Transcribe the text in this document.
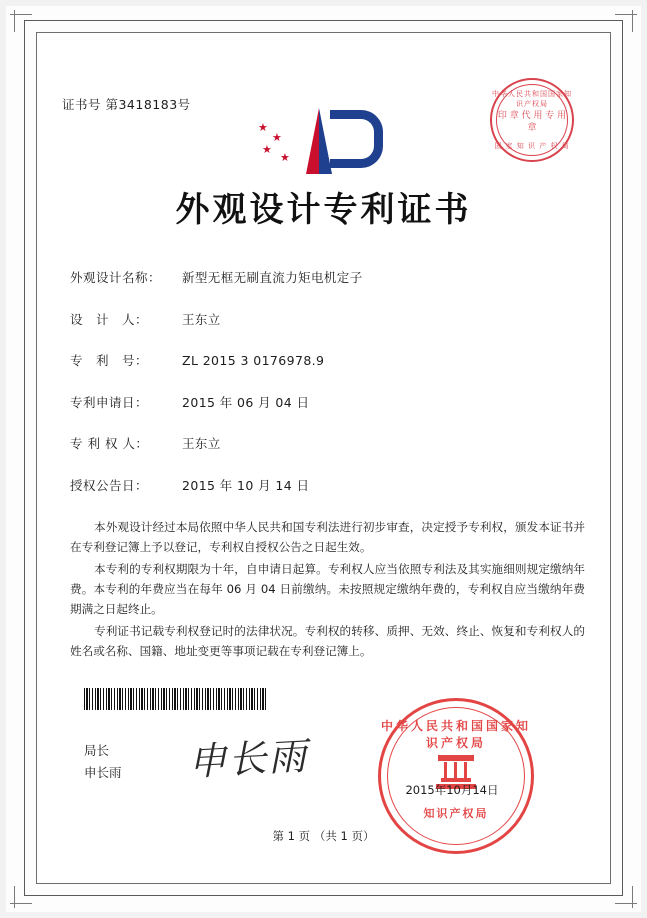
证书号 第3418183号
★
★
★
★
中华人民共和国国家知识产权局
印 章 代 用 专 用 章
国 家 知 识 产 权 局
外观设计专利证书
外观设计名称：	新型无框无刷直流力矩电机定子
设　计　人：	王东立
专　利　号：	ZL 2015 3 0176978.9
专利申请日：	2015 年 06 月 04 日
专 利 权 人：	王东立
授权公告日：	2015 年 10 月 14 日

本外观设计经过本局依照中华人民共和国专利法进行初步审查，决定授予专利权，颁发本证书并在专利登记簿上予以登记，专利权自授权公告之日起生效。

本专利的专利权期限为十年，自申请日起算。专利权人应当依照专利法及其实施细则规定缴纳年费。本专利的年费应当在每年 06 月 04 日前缴纳。未按照规定缴纳年费的，专利权自应当缴纳年费期满之日起终止。

专利证书记载专利权登记时的法律状况。专利权的转移、质押、无效、终止、恢复和专利权人的姓名或名称、国籍、地址变更等事项记载在专利登记簿上。

局长
申长雨 申长雨
中华人民共和国国家知识产权局
知识产权局
2015年10月14日
第 1 页 （共 1 页）
